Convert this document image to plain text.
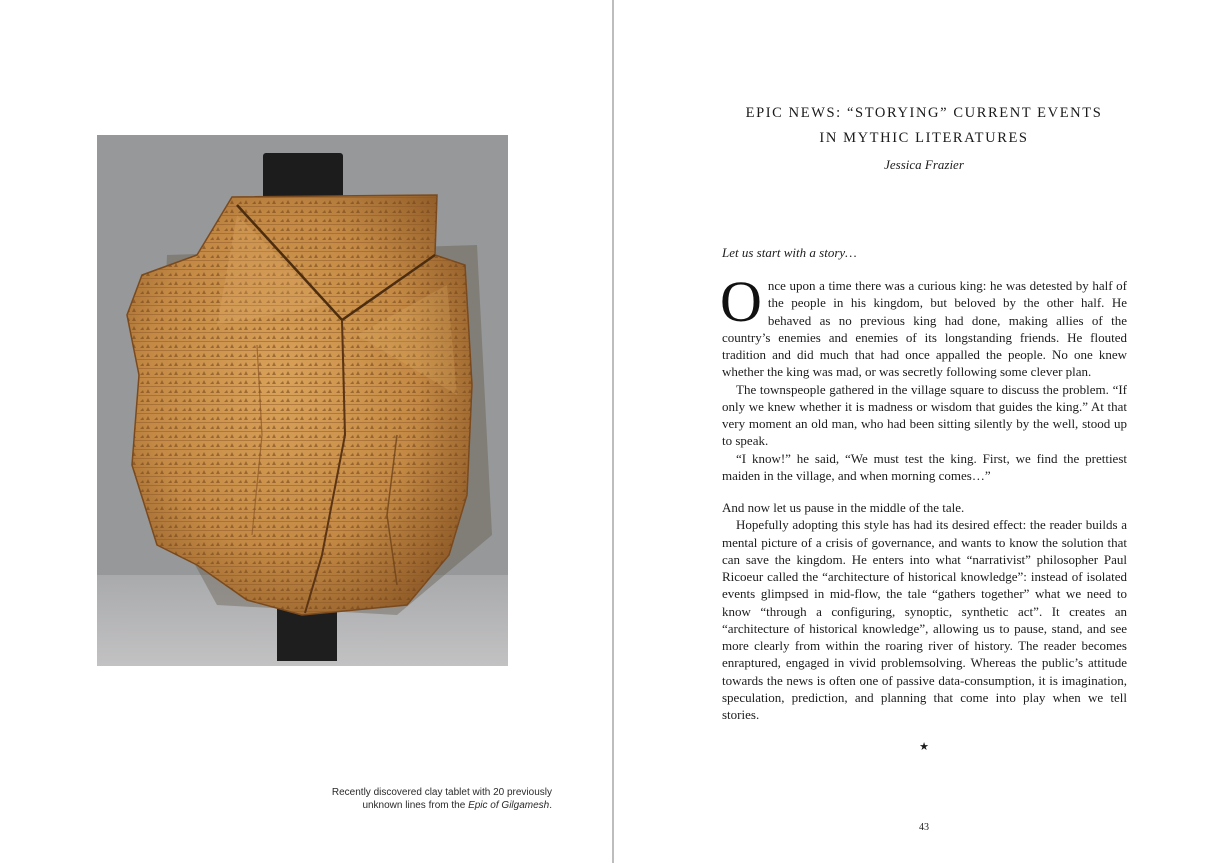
Recently discovered clay tablet with 20 previously
unknown lines from the Epic of Gilgamesh.
EPIC NEWS: “STORYING” CURRENT EVENTS
IN MYTHIC LITERATURES
Jessica Frazier
Let us start with a story…

Once upon a time there was a curious king: he was detested by half of the people in his kingdom, but beloved by the other half. He behaved as no previous king had done, making allies of the country’s enemies and enemies of its longstanding friends. He flouted tradition and did much that had once appalled the people. No one knew whether the king was mad, or was secretly following some clever plan.

The townspeople gathered in the village square to discuss the problem. “If only we knew whether it is madness or wisdom that guides the king.” At that very moment an old man, who had been sitting silently by the well, stood up to speak.

“I know!” he said, “We must test the king. First, we find the prettiest maiden in the village, and when morning comes…”

And now let us pause in the middle of the tale.

Hopefully adopting this style has had its desired effect: the reader builds a mental picture of a crisis of governance, and wants to know the solution that can save the kingdom. He enters into what “narrativist” philosopher Paul Ricoeur called the “architecture of historical knowledge”: instead of isolated events glimpsed in mid-flow, the tale “gathers together” what we need to know “through a configuring, synoptic, synthetic act”. It creates an “architecture of historical knowledge”, allowing us to pause, stand, and see more clearly from within the roaring river of history. The reader becomes enraptured, engaged in vivid problemsolving. Whereas the public’s attitude towards the news is often one of passive data-consumption, it is imagination, speculation, prediction, and planning that come into play when we tell stories.

★
43
